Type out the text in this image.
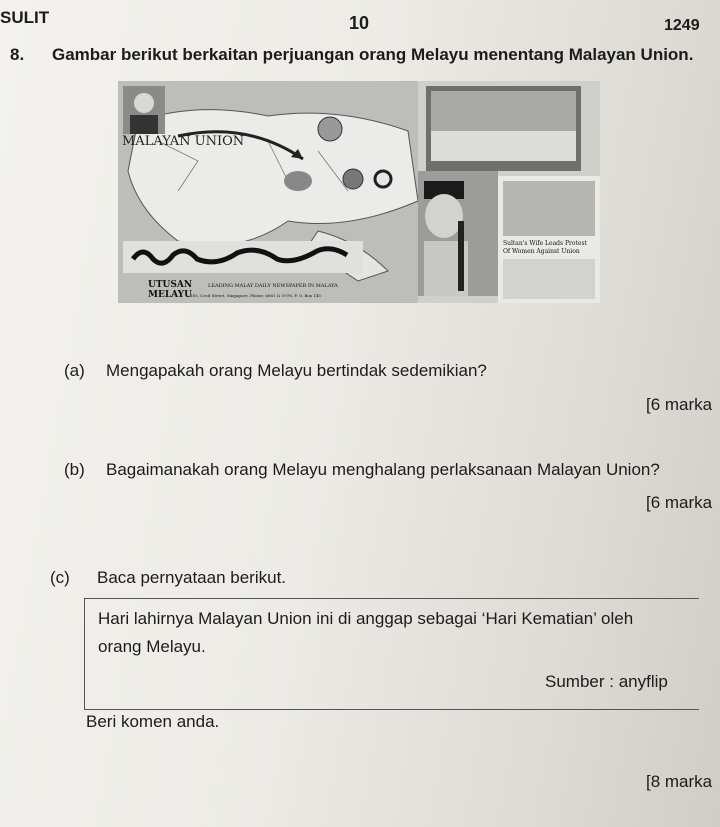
SULIT	10	1249
8. Gambar berikut berkaitan perjuangan orang Melayu menentang Malayan Union.
Sultan's Wife Leads Protest
Of Women Against Union
MALAYAN UNION
UTUSAN
MELAYU
LEADING MALAY DAILY NEWSPAPER IN MALAYA
185, Cecil Street, Singapore. Phone: 6861 & 5978, P. O. Box 145
(a) Mengapakah orang Melayu bertindak sedemikian?
[6 marka
(b) Bagaimanakah orang Melayu menghalang perlaksanaan Malayan Union?
[6 marka
(c) Baca pernyataan berikut.
Hari lahirnya Malayan Union ini di anggap sebagai ‘Hari Kematian’ oleh
orang Melayu.
Sumber : anyflip
Beri komen anda.
[8 marka
